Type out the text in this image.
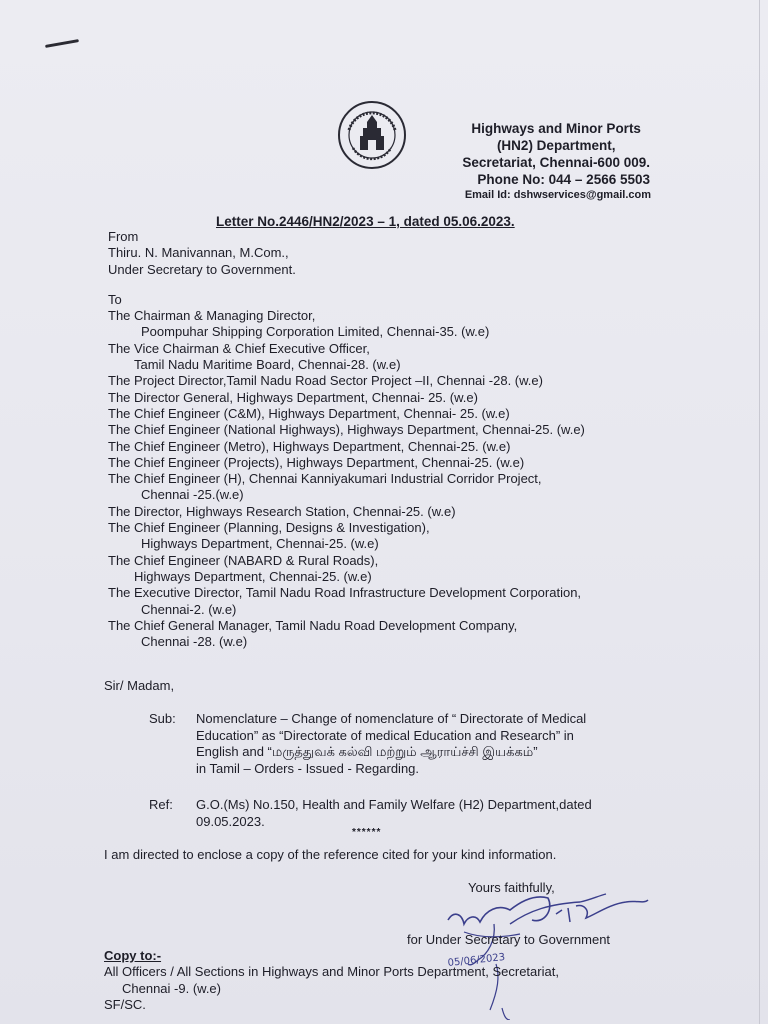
Highways and Minor Ports
(HN2) Department,
Secretariat, Chennai-600 009.
Phone No: 044 – 2566 5503
Email Id: dshwservices@gmail.com
Letter No.2446/HN2/2023 – 1, dated 05.06.2023.
From
Thiru. N. Manivannan, M.Com.,
Under Secretary to Government.
To
The Chairman & Managing Director,
Poompuhar Shipping Corporation Limited, Chennai-35. (w.e)
The Vice Chairman & Chief Executive Officer,
Tamil Nadu Maritime Board, Chennai-28. (w.e)
The Project Director,Tamil Nadu Road Sector Project –II, Chennai -28. (w.e)
The Director General, Highways Department, Chennai- 25. (w.e)
The Chief Engineer (C&M), Highways Department, Chennai- 25. (w.e)
The Chief Engineer (National Highways), Highways Department, Chennai-25. (w.e)
The Chief Engineer (Metro), Highways Department, Chennai-25. (w.e)
The Chief Engineer (Projects), Highways Department, Chennai-25. (w.e)
The Chief Engineer (H), Chennai Kanniyakumari Industrial Corridor Project,
Chennai -25.(w.e)
The Director, Highways Research Station, Chennai-25. (w.e)
The Chief Engineer (Planning, Designs & Investigation),
Highways Department, Chennai-25. (w.e)
The Chief Engineer (NABARD & Rural Roads),
Highways Department, Chennai-25. (w.e)
The Executive Director, Tamil Nadu Road Infrastructure Development Corporation,
Chennai-2. (w.e)
The Chief General Manager, Tamil Nadu Road Development Company,
Chennai -28. (w.e)
Sir/ Madam,
Sub: Nomenclature – Change of nomenclature of “ Directorate of Medical
Education” as “Directorate of medical Education and Research” in
English and “மருத்துவக் கல்வி மற்றும் ஆராய்ச்சி இயக்கம்”
in Tamil – Orders - Issued - Regarding.
Ref: G.O.(Ms) No.150, Health and Family Welfare (H2) Department,dated
09.05.2023.
******
I am directed to enclose a copy of the reference cited for your kind information.
Yours faithfully,
05/06/2023
for Under Secretary to Government
Copy to:-
All Officers / All Sections in Highways and Minor Ports Department, Secretariat,
Chennai -9. (w.e)
SF/SC.
